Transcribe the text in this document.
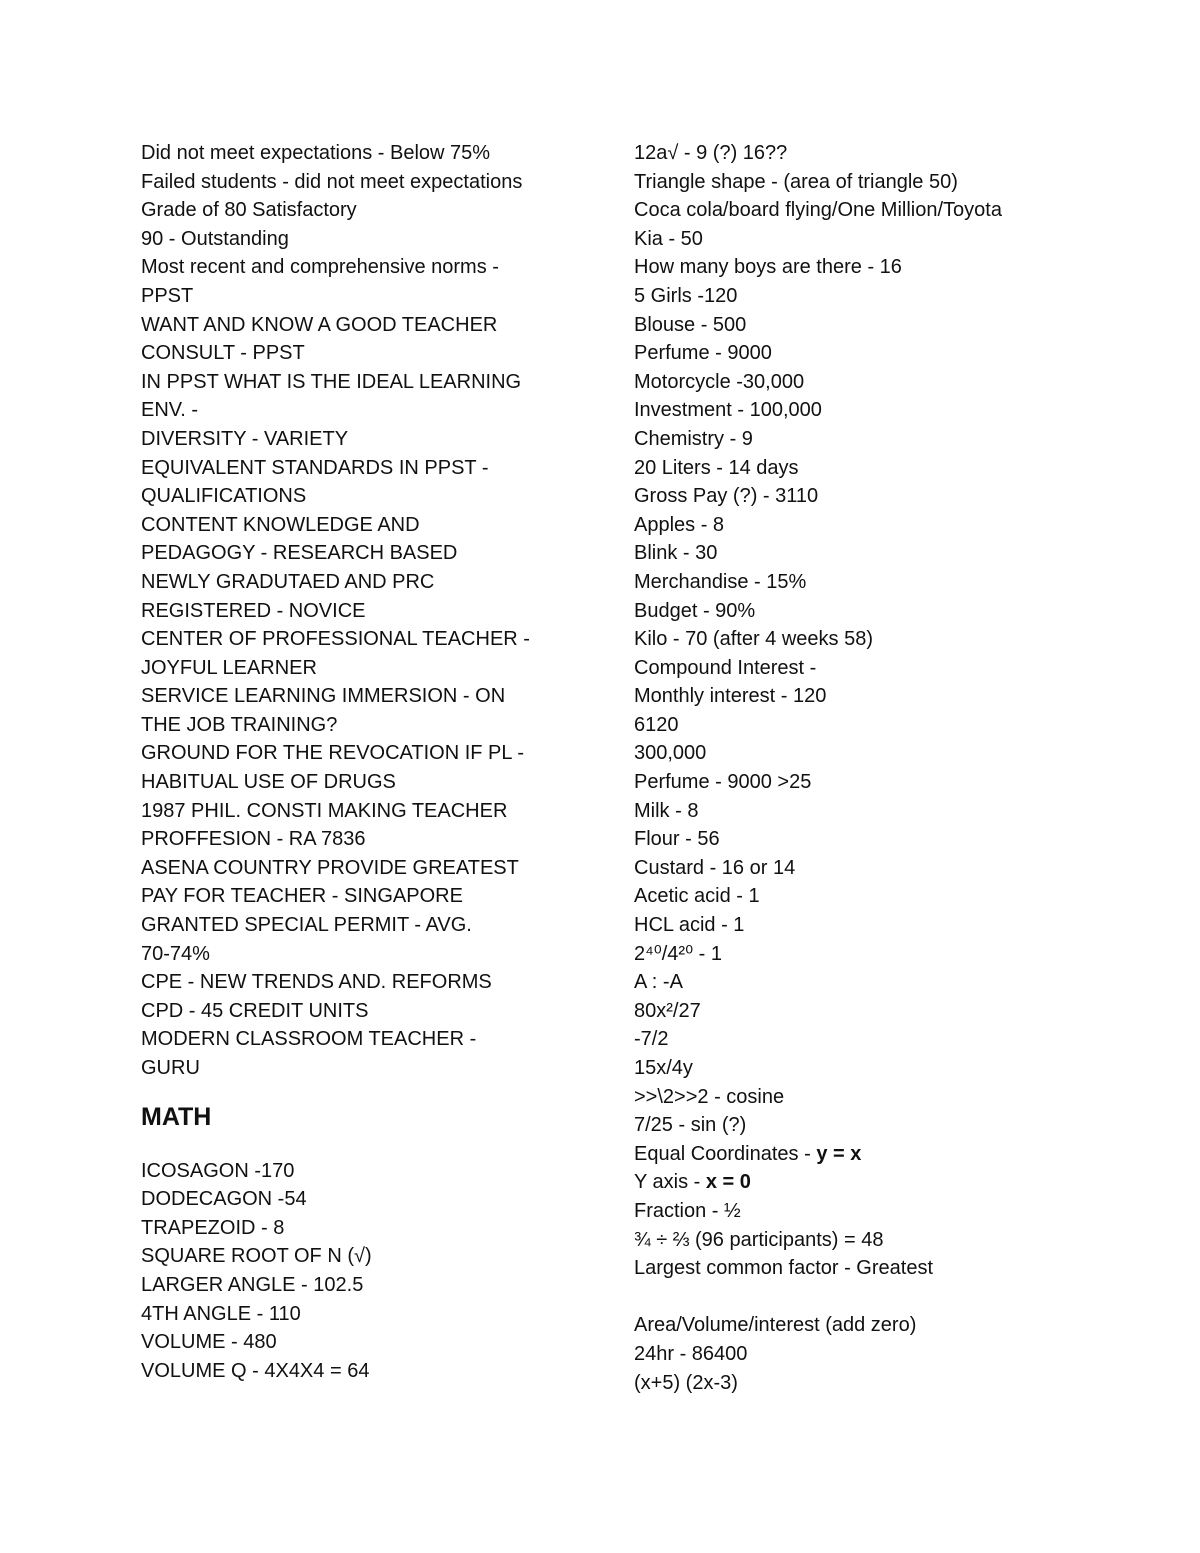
Did not meet expectations - Below 75%
Failed students - did not meet expectations
Grade of 80 Satisfactory
90 - Outstanding
Most recent and comprehensive norms -
PPST
WANT AND KNOW A GOOD TEACHER
CONSULT - PPST
IN PPST WHAT IS THE IDEAL LEARNING
ENV. -
DIVERSITY - VARIETY
EQUIVALENT STANDARDS IN PPST -
QUALIFICATIONS
CONTENT KNOWLEDGE AND
PEDAGOGY - RESEARCH BASED
NEWLY GRADUTAED AND PRC
REGISTERED - NOVICE
CENTER OF PROFESSIONAL TEACHER -
JOYFUL LEARNER
SERVICE LEARNING IMMERSION - ON
THE JOB TRAINING?
GROUND FOR THE REVOCATION IF PL -
HABITUAL USE OF DRUGS
1987 PHIL. CONSTI MAKING TEACHER
PROFFESION - RA 7836
ASENA COUNTRY PROVIDE GREATEST
PAY FOR TEACHER - SINGAPORE
GRANTED SPECIAL PERMIT - AVG.
70-74%
CPE - NEW TRENDS AND. REFORMS
CPD - 45 CREDIT UNITS
MODERN CLASSROOM TEACHER -
GURU
MATH
ICOSAGON -170
DODECAGON -54
TRAPEZOID - 8
SQUARE ROOT OF N (√)
LARGER ANGLE - 102.5
4TH ANGLE - 110
VOLUME - 480
VOLUME Q - 4X4X4 = 64
12a√ - 9 (?) 16??
Triangle shape - (area of triangle 50)
Coca cola/board flying/One Million/Toyota
Kia - 50
How many boys are there - 16
5 Girls -120
Blouse - 500
Perfume - 9000
Motorcycle -30,000
Investment - 100,000
Chemistry - 9
20 Liters - 14 days
Gross Pay (?) - 3110
Apples - 8
Blink - 30
Merchandise - 15%
Budget - 90%
Kilo - 70 (after 4 weeks 58)
Compound Interest -
Monthly interest - 120
6120
300,000
Perfume - 9000 >25
Milk - 8
Flour - 56
Custard - 16 or 14
Acetic acid - 1
HCL acid - 1
2⁴⁰/4²⁰ - 1
A : -A
80x²/27
-7/2
15x/4y
>>\2>>2 - cosine
7/25 - sin (?)
Equal Coordinates - y = x
Y axis - x = 0
Fraction - ½
¾ ÷ ⅔ (96 participants) = 48
Largest common factor - Greatest
Area/Volume/interest (add zero)
24hr - 86400
(x+5) (2x-3)
